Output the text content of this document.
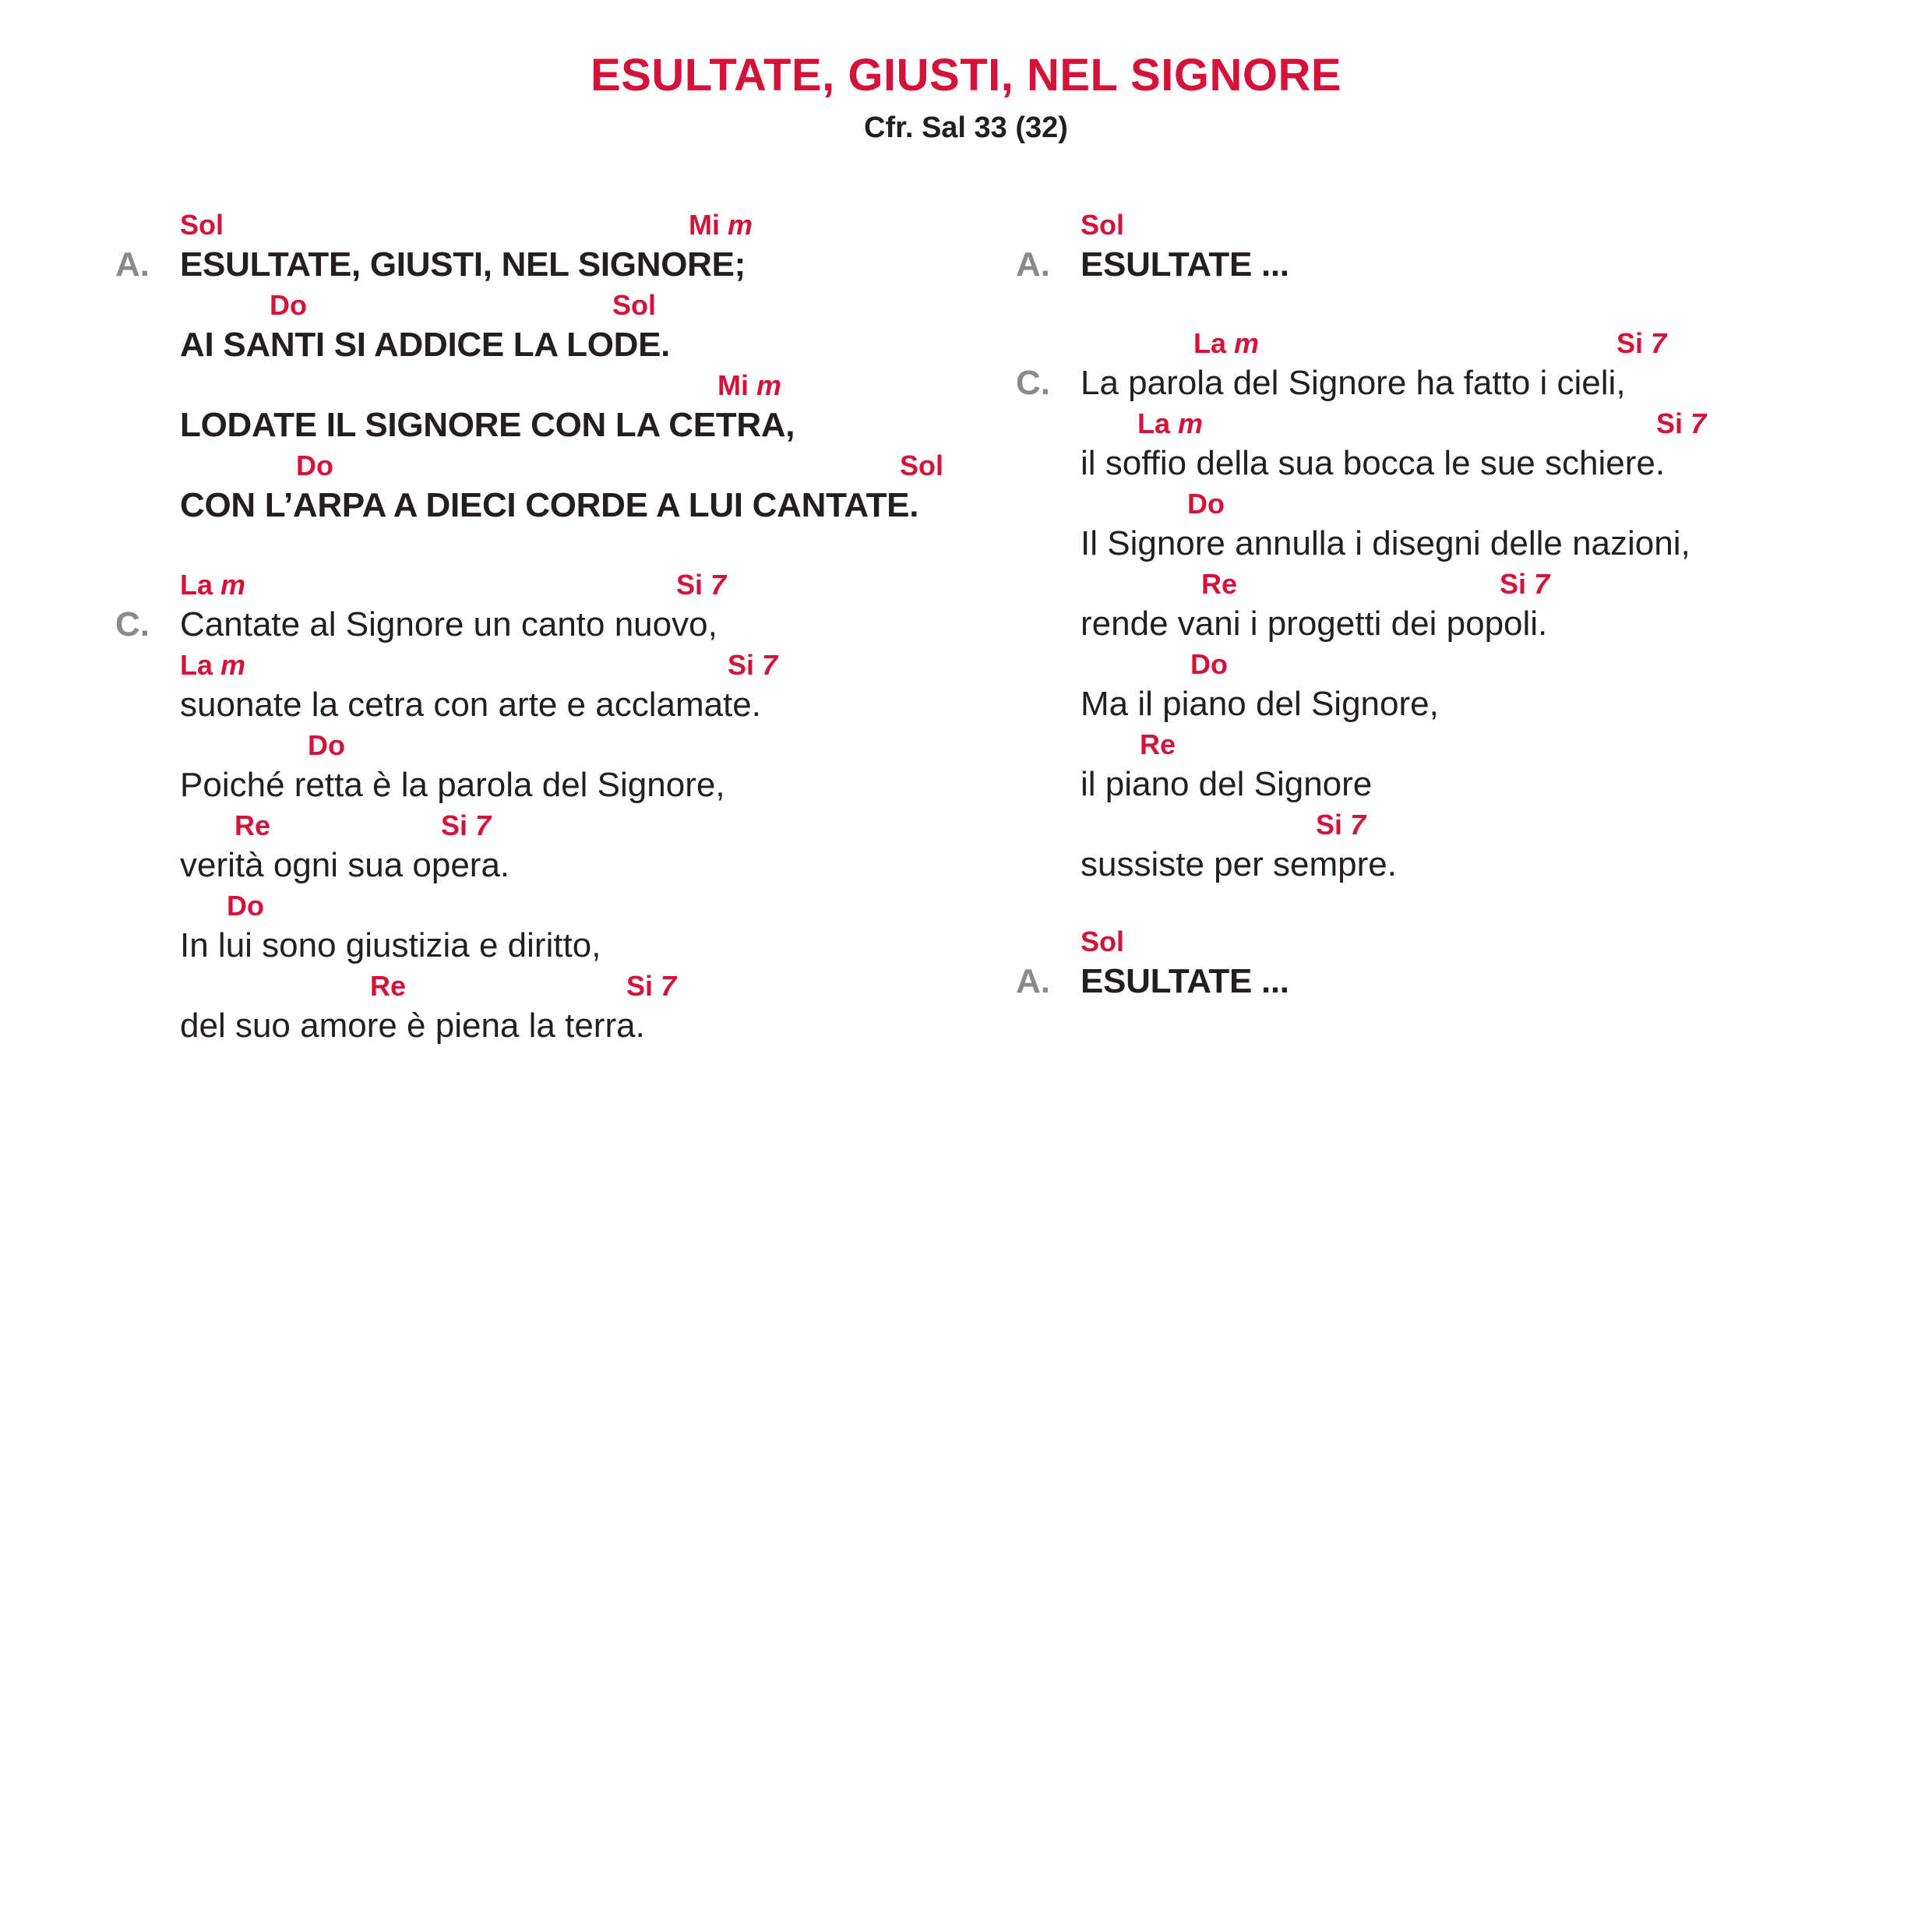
ESULTATE, GIUSTI, NEL SIGNORE
Cfr. Sal 33 (32)
A.
Sol	Mi m
ESULTATE, GIUSTI, NEL SIGNORE;
Do	Sol
AI SANTI SI ADDICE LA LODE.
Mi m
LODATE IL SIGNORE CON LA CETRA,
Do	Sol
CON L’ARPA A DIECI CORDE A LUI CANTATE.
C.
La m	Si 7
Cantate al Signore un canto nuovo,
La m	Si 7
suonate la cetra con arte e acclamate.
Do
Poiché retta è la parola del Signore,
Re	Si 7
verità ogni sua opera.
Do
In lui sono giustizia e diritto,
Re	Si 7
del suo amore è piena la terra.
A.
Sol
ESULTATE ...
C.
La m	Si 7
La parola del Signore ha fatto i cieli,
La m	Si 7
il soffio della sua bocca le sue schiere.
Do
Il Signore annulla i disegni delle nazioni,
Re	Si 7
rende vani i progetti dei popoli.
Do
Ma il piano del Signore,
Re
il piano del Signore
Si 7
sussiste per sempre.
A.
Sol
ESULTATE ...
